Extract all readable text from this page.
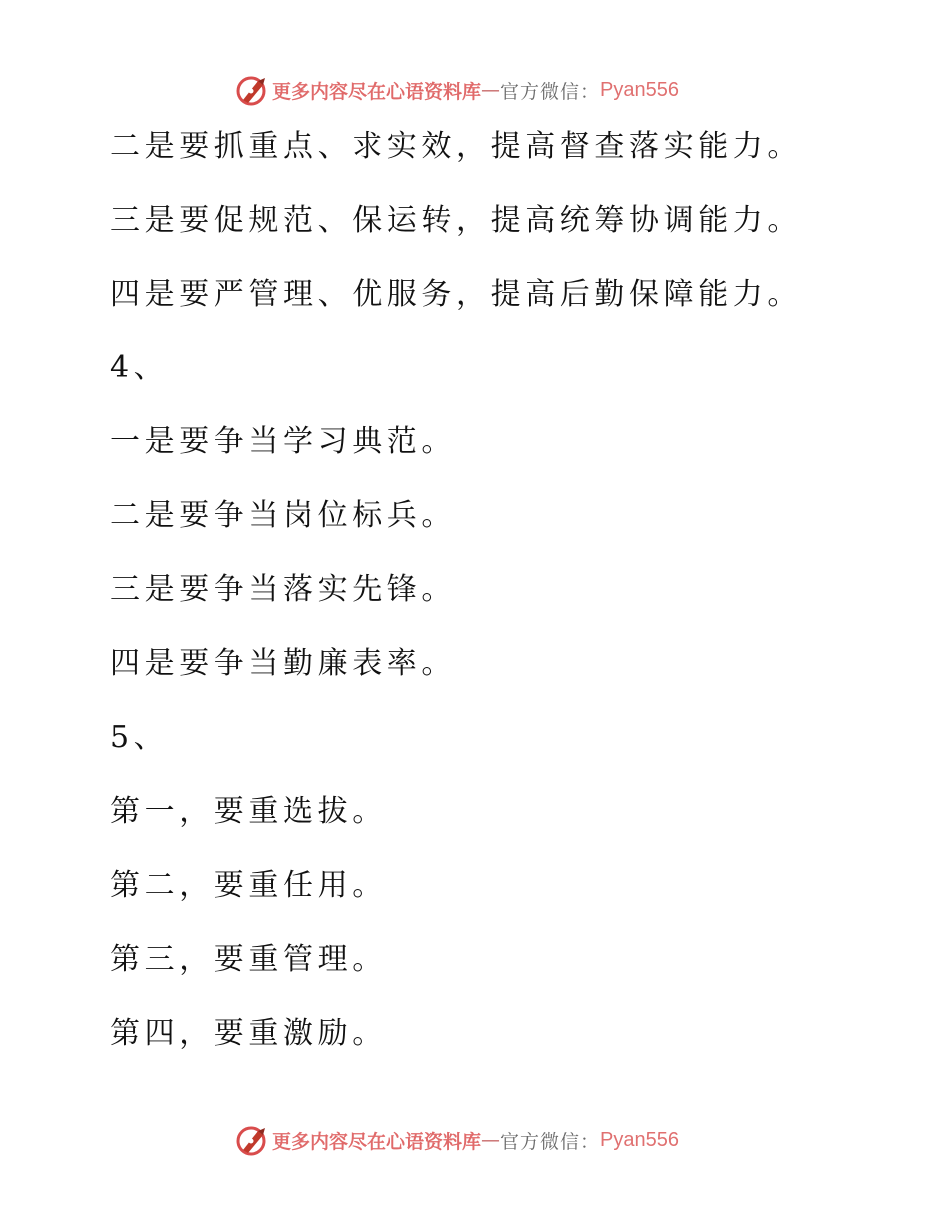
更多内容尽在心语资料库 — 官方微信： Pyan556
二是要抓重点、求实效，提高督查落实能力。
三是要促规范、保运转，提高统筹协调能力。
四是要严管理、优服务，提高后勤保障能力。
4、
一是要争当学习典范。
二是要争当岗位标兵。
三是要争当落实先锋。
四是要争当勤廉表率。
5、
第一，要重选拔。
第二，要重任用。
第三，要重管理。
第四，要重激励。
更多内容尽在心语资料库 — 官方微信： Pyan556
